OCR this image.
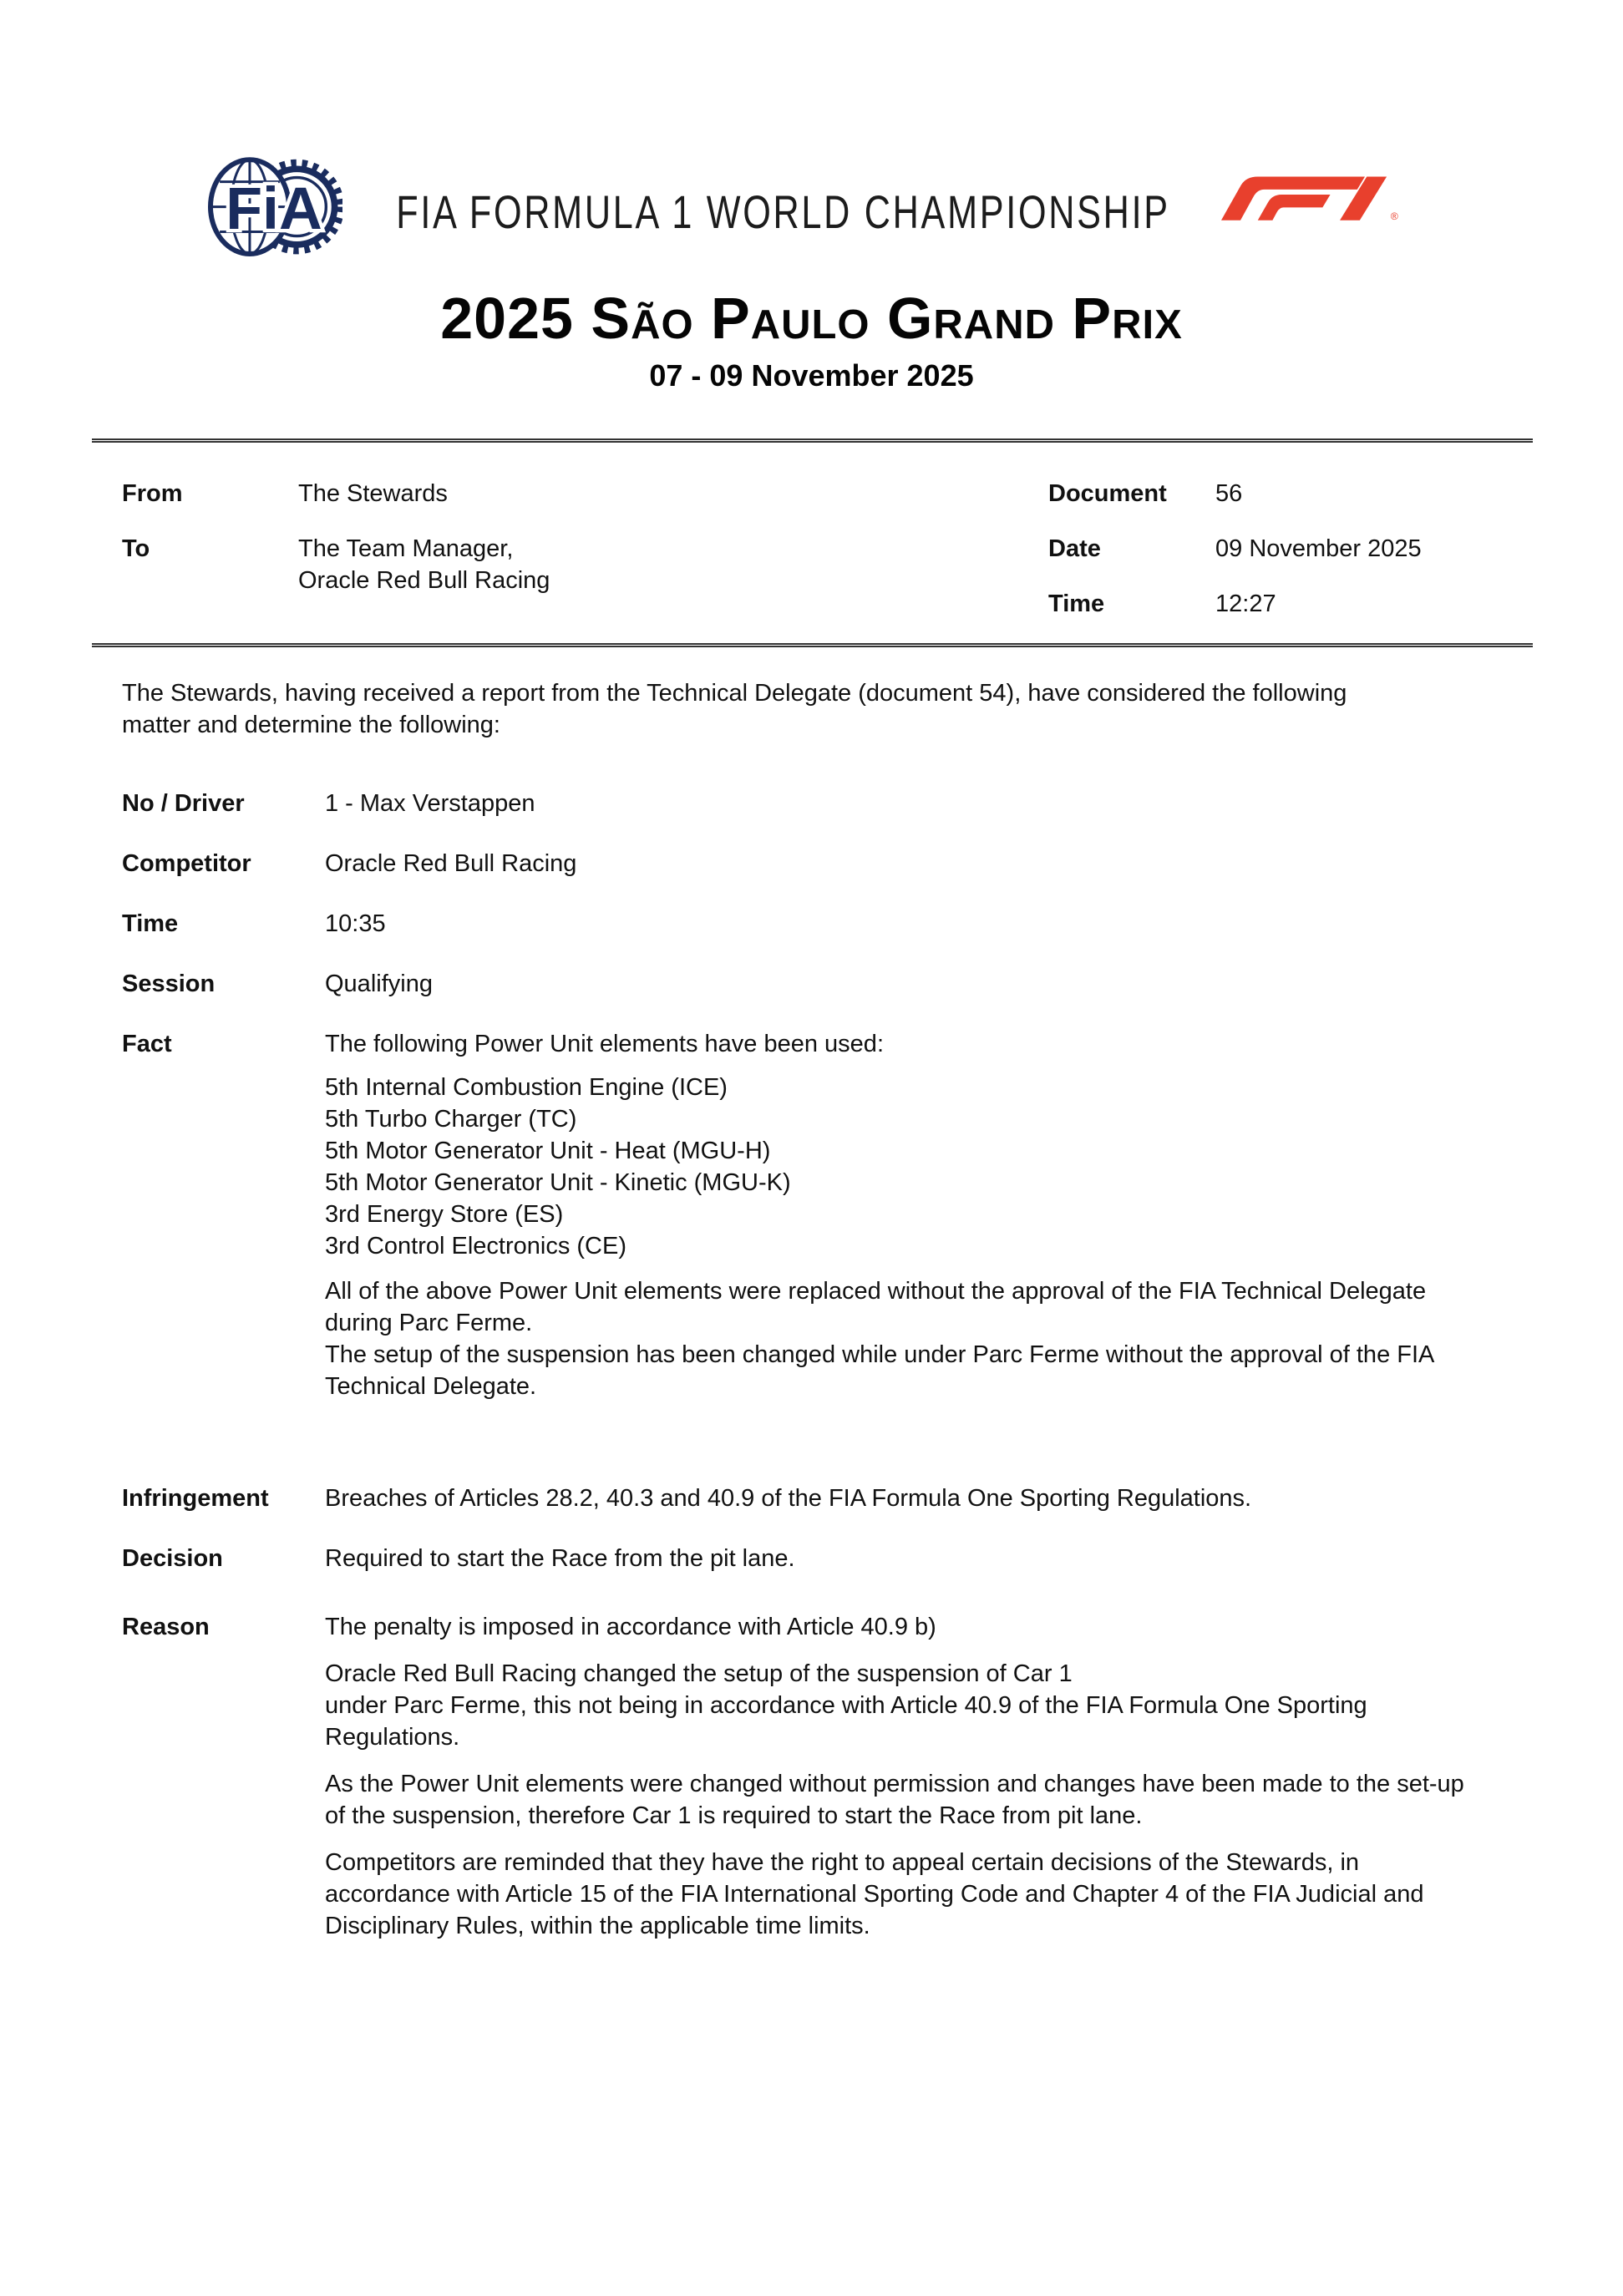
FiA	FIA FORMULA 1 WORLD CHAMPIONSHIP	®
2025 São Paulo Grand Prix
07 - 09 November 2025
From	The Stewards
To	The Team Manager,
Oracle Red Bull Racing
Document	56
Date	09 November 2025
Time	12:27

The Stewards, having received a report from the Technical Delegate (document 54), have considered the following matter and determine the following:

No / Driver	1 - Max Verstappen
Competitor	Oracle Red Bull Racing
Time	10:35
Session	Qualifying
Fact	The following Power Unit elements have been used:
5th Internal Combustion Engine (ICE)
5th Turbo Charger (TC)
5th Motor Generator Unit - Heat (MGU-H)
5th Motor Generator Unit - Kinetic (MGU-K)
3rd Energy Store (ES)
3rd Control Electronics (CE)
All of the above Power Unit elements were replaced without the approval of the FIA Technical Delegate during Parc Ferme.
The setup of the suspension has been changed while under Parc Ferme without the approval of the FIA Technical Delegate.
Infringement	Breaches of Articles 28.2, 40.3 and 40.9 of the FIA Formula One Sporting Regulations.
Decision	Required to start the Race from the pit lane.
Reason	The penalty is imposed in accordance with Article 40.9 b)

Oracle Red Bull Racing changed the setup of the suspension of Car 1
under Parc Ferme, this not being in accordance with Article 40.9 of the FIA Formula One Sporting Regulations.

As the Power Unit elements were changed without permission and changes have been made to the set-up of the suspension, therefore Car 1 is required to start the Race from pit lane.

Competitors are reminded that they have the right to appeal certain decisions of the Stewards, in accordance with Article 15 of the FIA International Sporting Code and Chapter 4 of the FIA Judicial and Disciplinary Rules, within the applicable time limits.
